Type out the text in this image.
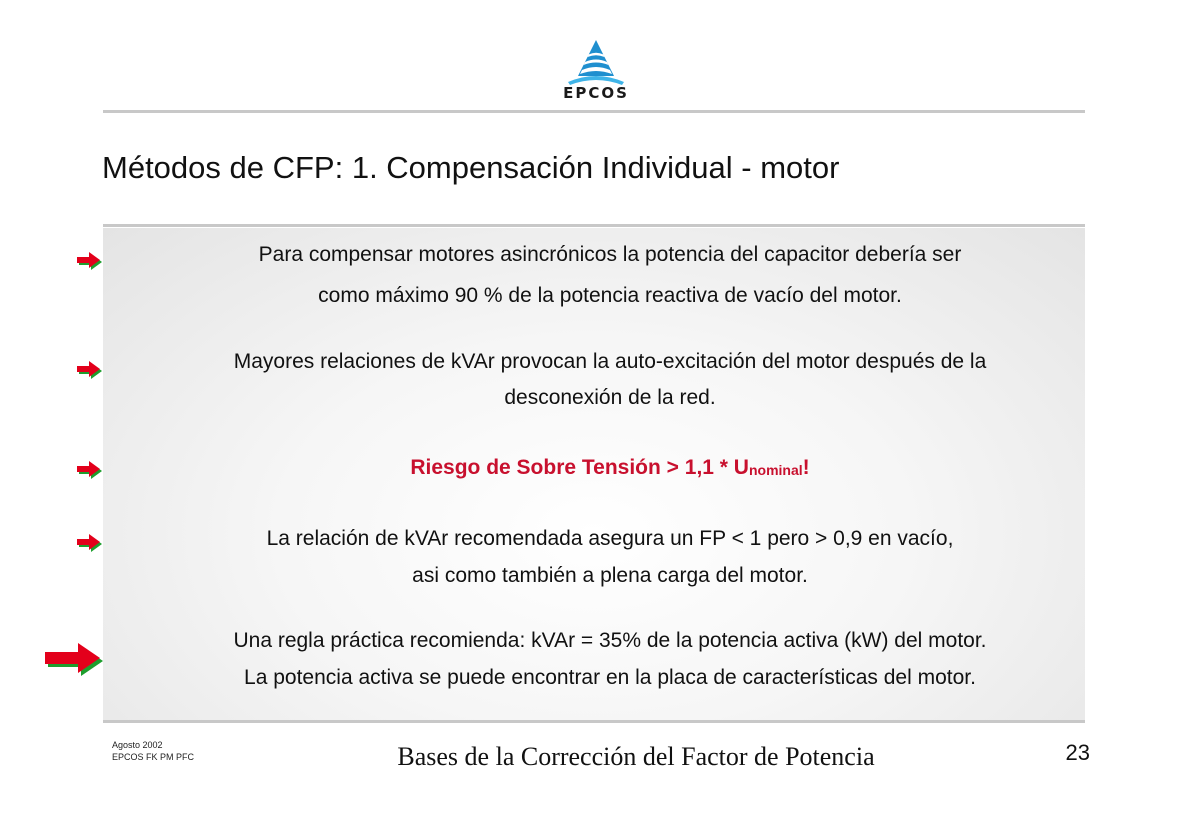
EPCOS
Métodos de CFP: 1. Compensación Individual - motor
Para compensar motores asincrónicos la potencia del capacitor debería ser
como máximo 90 % de la potencia reactiva de vacío del motor.
Mayores relaciones de kVAr provocan la auto-excitación del motor después de la
desconexión de la red.
Riesgo de Sobre Tensión > $1,1 * U_{nominal}$!
La relación de kVAr recomendada asegura un FP < 1 pero > 0,9 en vacío,
asi como también a plena carga del motor.
Una regla práctica recomienda: kVAr = 35% de la potencia activa (kW) del motor.
La potencia activa se puede encontrar en la placa de características del motor.
Agosto 2002
EPCOS FK PM PFC	Bases de la Corrección del Factor de Potencia	23
